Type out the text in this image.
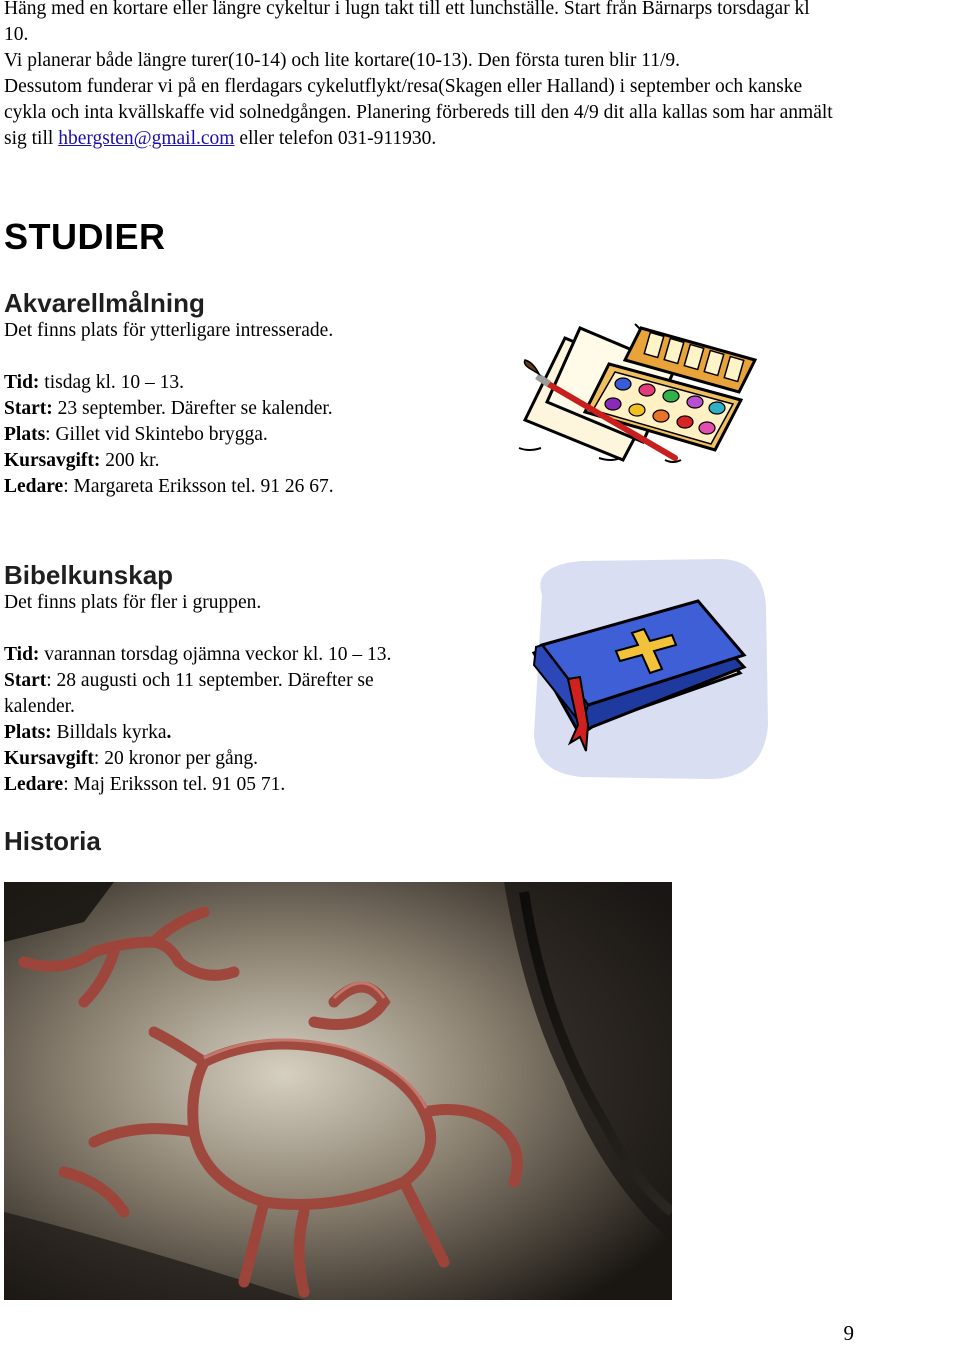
Häng med en kortare eller längre cykeltur i lugn takt till ett lunchställe. Start från Bärnarps torsdagar kl

10.

Vi planerar både längre turer(10-14) och lite kortare(10-13). Den första turen blir 11/9.

Dessutom funderar vi på en flerdagars cykelutflykt/resa(Skagen eller Halland) i september och kanske

cykla och inta kvällskaffe vid solnedgången. Planering förbereds till den 4/9 dit alla kallas som har anmält

sig till hbergsten@gmail.com eller telefon 031-911930.

STUDIER
Akvarellmålning

Det finns plats för ytterligare intresserade.

Tid: tisdag kl. 10 – 13.

Start: 23 september. Därefter se kalender.

Plats: Gillet vid Skintebo brygga.

Kursavgift: 200 kr.

Ledare: Margareta Eriksson tel. 91 26 67.

Bibelkunskap

Det finns plats för fler i gruppen.

Tid: varannan torsdag ojämna veckor kl. 10 – 13.

Start: 28 augusti och 11 september. Därefter se

kalender.

Plats: Billdals kyrka.

Kursavgift: 20 kronor per gång.

Ledare: Maj Eriksson tel. 91 05 71.

Historia
9
